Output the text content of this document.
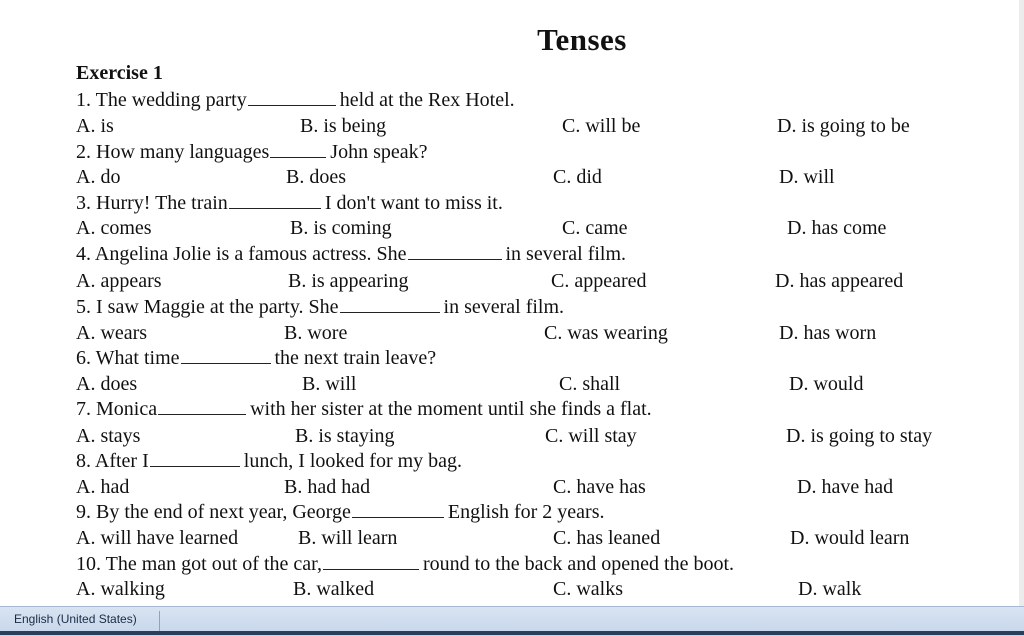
Tenses
Exercise 1
1. The wedding party	held at the Rex Hotel.
A. is	B. is being	C. will be	D. is going to be
2. How many languages	John speak?
A. do	B. does	C. did	D. will
3. Hurry! The train	I don't want to miss it.
A. comes	B. is coming	C. came	D. has come
4. Angelina Jolie is a famous actress. She	in several film.
A. appears	B. is appearing	C. appeared	D. has appeared
5. I saw Maggie at the party. She	in several film.
A. wears	B. wore	C. was wearing	D. has worn
6. What time	the next train leave?
A. does	B. will	C. shall	D. would
7. Monica	with her sister at the moment until she finds a flat.
A. stays	B. is staying	C. will stay	D. is going to stay
8. After I	lunch, I looked for my bag.
A. had	B. had had	C. have has	D. have had
9. By the end of next year, George	English for 2 years.
A. will have learned	B. will learn	C. has leaned	D. would learn
10. The man got out of the car,	round to the back and opened the boot.
A. walking	B. walked	C. walks	D. walk
English (United States)
